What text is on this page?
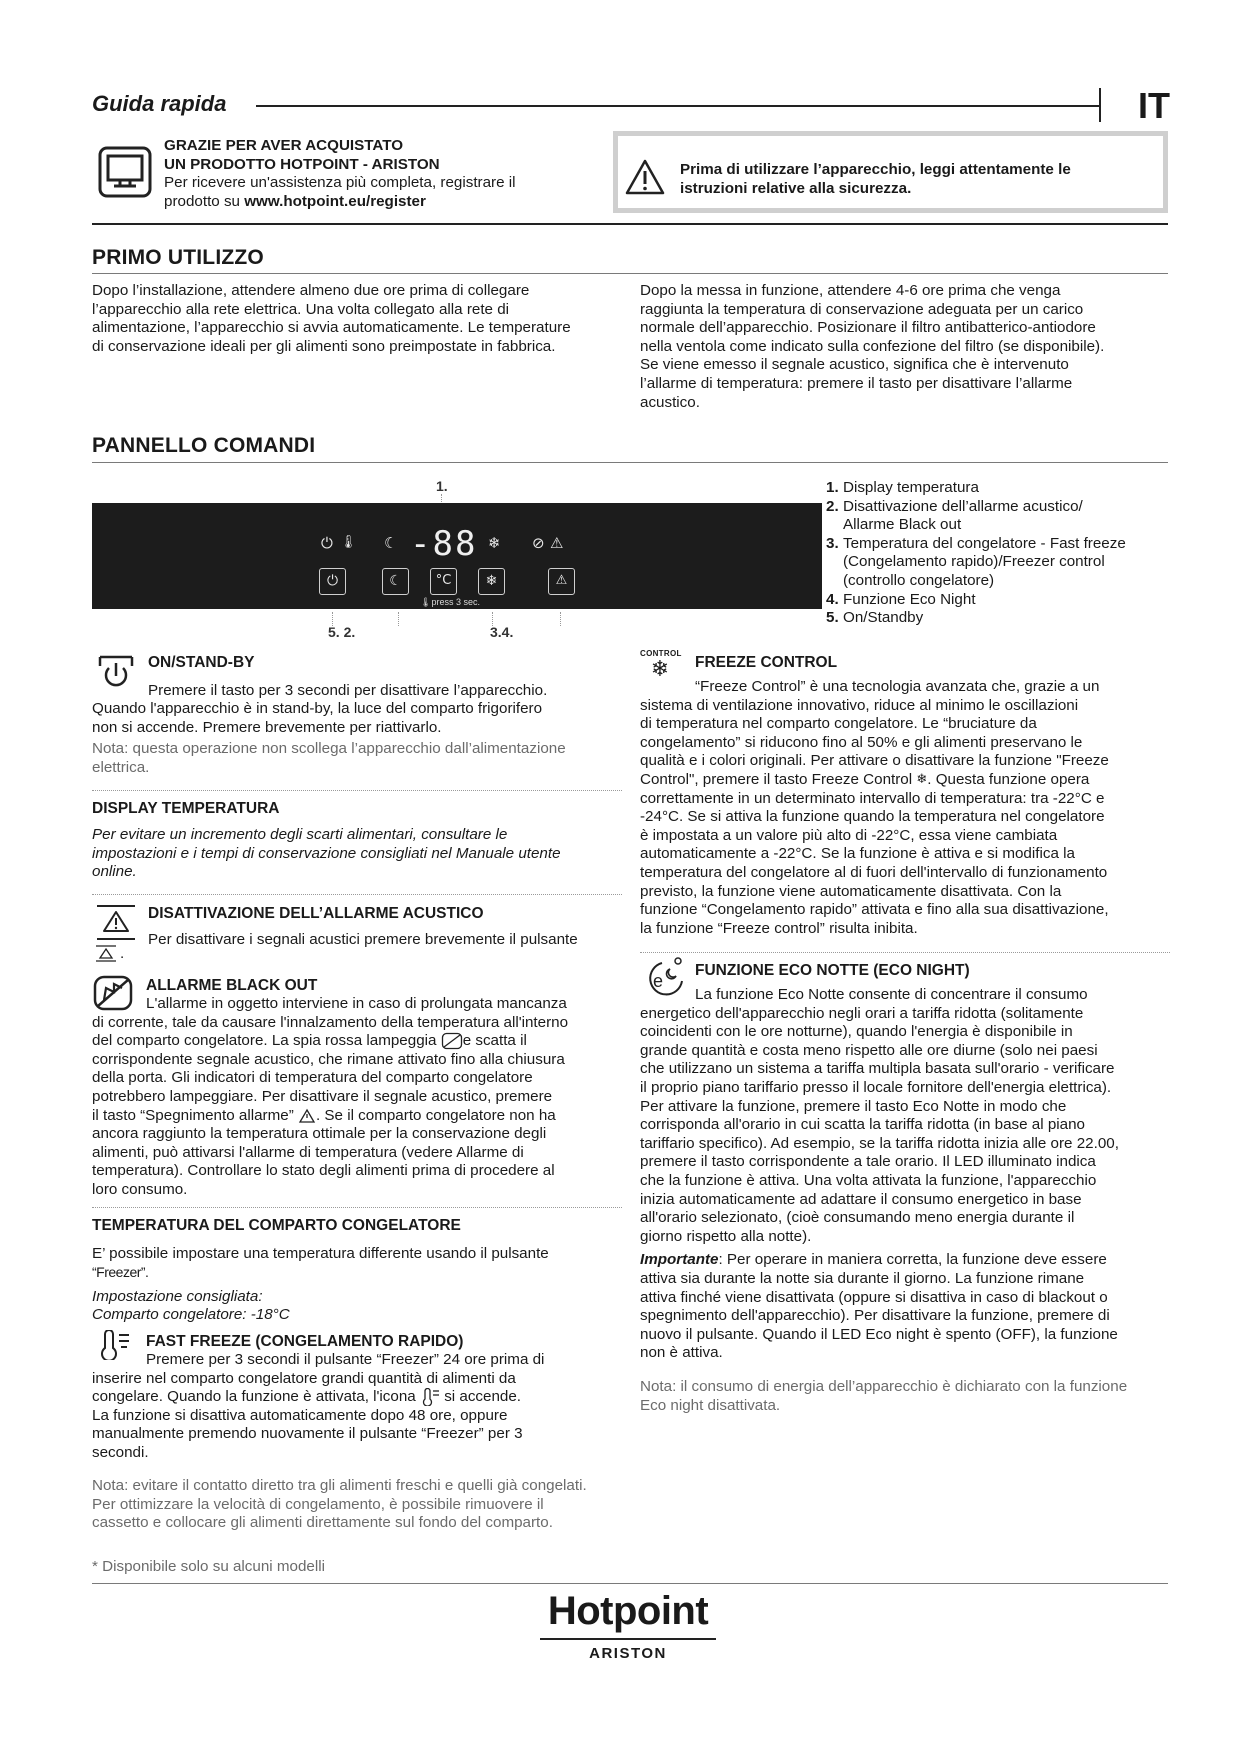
Guida rapida	IT
GRAZIE PER AVER ACQUISTATO
UN PRODOTTO HOTPOINT - ARISTON
Per ricevere un'assistenza più completa, registrare il
prodotto su www.hotpoint.eu/register
Prima di utilizzare l’apparecchio, leggi attentamente le
istruzioni relative alla sicurezza.
PRIMO UTILIZZO
Dopo l’installazione, attendere almeno due ore prima di collegare
l’apparecchio alla rete elettrica. Una volta collegato alla rete di
alimentazione, l’apparecchio si avvia automaticamente. Le temperature
di conservazione ideali per gli alimenti sono preimpostate in fabbrica.
Dopo la messa in funzione, attendere 4-6 ore prima che venga
raggiunta la temperatura di conservazione adeguata per un carico
normale dell’apparecchio. Posizionare il filtro antibatterico-antiodore
nella ventola come indicato sulla confezione del filtro (se disponibile).
Se viene emesso il segnale acustico, significa che è intervenuto
l’allarme di temperatura: premere il tasto per disattivare l’allarme
acustico.
PANNELLO COMANDI
1.
⏻ 🌡 ☾ -88 ❄ ⊘ ⚠
⏻	☾	°C ❄	⚠
🌡press 3 sec.
5. 2.	3.4.
1. Display temperatura
2. Disattivazione dell’allarme acustico/
Allarme Black out
3. Temperatura del congelatore - Fast freeze
(Congelamento rapido)/Freezer control
(controllo congelatore)
4. Funzione Eco Night
5. On/Standby
ON/STAND-BY
Premere il tasto per 3 secondi per disattivare l’apparecchio.
Quando l'apparecchio è in stand-by, la luce del comparto frigorifero
non si accende. Premere brevemente per riattivarlo.
Nota: questa operazione non scollega l’apparecchio dall’alimentazione
elettrica.
DISPLAY TEMPERATURA
Per evitare un incremento degli scarti alimentari, consultare le
impostazioni e i tempi di conservazione consigliati nel Manuale utente
online.
DISATTIVAZIONE DELL’ALLARME ACUSTICO
Per disattivare i segnali acustici premere brevemente il pulsante
.
ALLARME BLACK OUT
L'allarme in oggetto interviene in caso di prolungata mancanza
di corrente, tale da causare l'innalzamento della temperatura all'interno
del comparto congelatore. La spia rossa lampeggia e scatta il
corrispondente segnale acustico, che rimane attivato fino alla chiusura
della porta. Gli indicatori di temperatura del comparto congelatore
potrebbero lampeggiare. Per disattivare il segnale acustico, premere
il tasto “Spegnimento allarme” . Se il comparto congelatore non ha
ancora raggiunto la temperatura ottimale per la conservazione degli
alimenti, può attivarsi l'allarme di temperatura (vedere Allarme di
temperatura). Controllare lo stato degli alimenti prima di procedere al
loro consumo.
TEMPERATURA DEL COMPARTO CONGELATORE
E’ possibile impostare una temperatura differente usando il pulsante
“Freezer”.
Impostazione consigliata:
Comparto congelatore: -18°C
FAST FREEZE (CONGELAMENTO RAPIDO)
Premere per 3 secondi il pulsante “Freezer” 24 ore prima di
inserire nel comparto congelatore grandi quantità di alimenti da
congelare. Quando la funzione è attivata, l'icona  si accende.
La funzione si disattiva automaticamente dopo 48 ore, oppure
manualmente premendo nuovamente il pulsante “Freezer” per 3
secondi.
Nota: evitare il contatto diretto tra gli alimenti freschi e quelli già congelati.
Per ottimizzare la velocità di congelamento, è possibile rimuovere il
cassetto e collocare gli alimenti direttamente sul fondo del comparto.
CONTROL
❄	FREEZE CONTROL
“Freeze Control” è una tecnologia avanzata che, grazie a un
sistema di ventilazione innovativo, riduce al minimo le oscillazioni
di temperatura nel comparto congelatore. Le “bruciature da
congelamento” si riducono fino al 50% e gli alimenti preservano le
qualità e i colori originali. Per attivare o disattivare la funzione "Freeze
Control", premere il tasto Freeze Control ❄. Questa funzione opera
correttamente in un determinato intervallo di temperatura: tra -22°C e
-24°C. Se si attiva la funzione quando la temperatura nel congelatore
è impostata a un valore più alto di -22°C, essa viene cambiata
automaticamente a -22°C. Se la funzione è attiva e si modifica la
temperatura del congelatore al di fuori dell'intervallo di funzionamento
previsto, la funzione viene automaticamente disattivata. Con la
funzione “Congelamento rapido” attivata e fino alla sua disattivazione,
la funzione “Freeze control” risulta inibita.
e
FUNZIONE ECO NOTTE (ECO NIGHT)
La funzione Eco Notte consente di concentrare il consumo
energetico dell'apparecchio negli orari a tariffa ridotta (solitamente
coincidenti con le ore notturne), quando l'energia è disponibile in
grande quantità e costa meno rispetto alle ore diurne (solo nei paesi
che utilizzano un sistema a tariffa multipla basata sull'orario - verificare
il proprio piano tariffario presso il locale fornitore dell'energia elettrica).
Per attivare la funzione, premere il tasto Eco Notte in modo che
corrisponda all'orario in cui scatta la tariffa ridotta (in base al piano
tariffario specifico). Ad esempio, se la tariffa ridotta inizia alle ore 22.00,
premere il tasto corrispondente a tale orario. Il LED illuminato indica
che la funzione è attiva. Una volta attivata la funzione, l'apparecchio
inizia automaticamente ad adattare il consumo energetico in base
all'orario selezionato, (cioè consumando meno energia durante il
giorno rispetto alla notte).
Importante: Per operare in maniera corretta, la funzione deve essere
attiva sia durante la notte sia durante il giorno. La funzione rimane
attiva finché viene disattivata (oppure si disattiva in caso di blackout o
spegnimento dell'apparecchio). Per disattivare la funzione, premere di
nuovo il pulsante. Quando il LED Eco night è spento (OFF), la funzione
non è attiva.
Nota: il consumo di energia dell’apparecchio è dichiarato con la funzione
Eco night disattivata.
* Disponibile solo su alcuni modelli
Hotpoint
ARISTON
